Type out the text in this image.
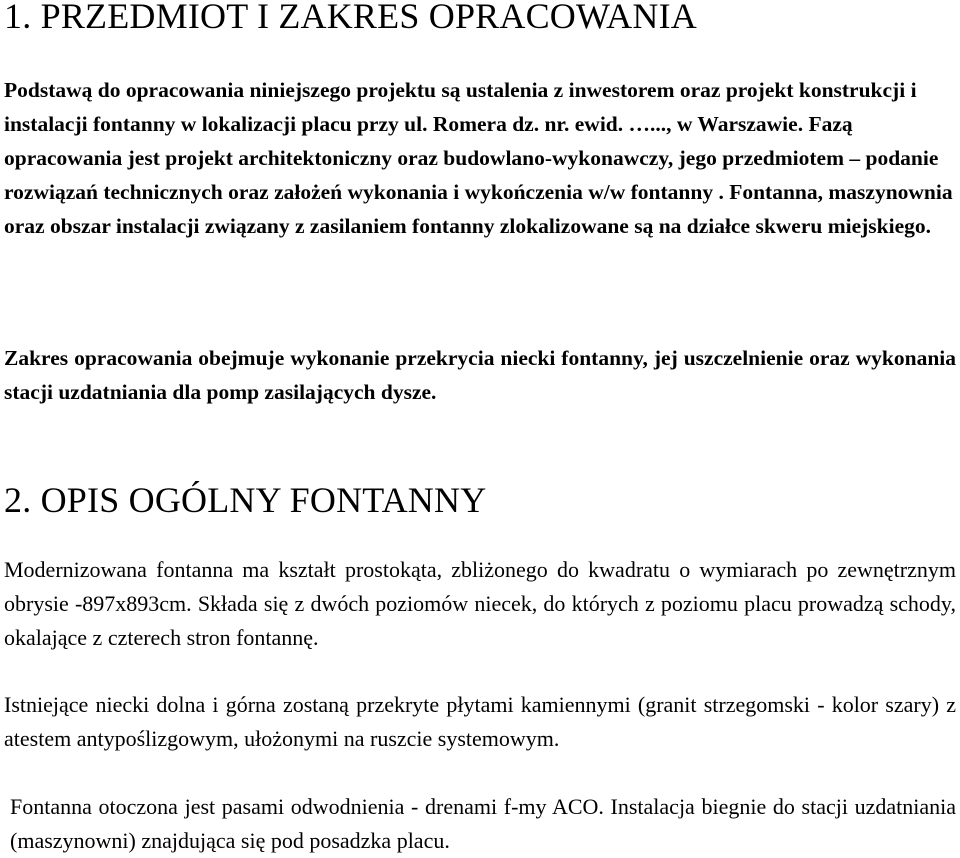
1. PRZEDMIOT I ZAKRES OPRACOWANIA

Podstawą do opracowania niniejszego projektu są ustalenia z inwestorem oraz projekt konstrukcji i instalacji fontanny w lokalizacji placu przy ul. Romera dz. nr. ewid. …..., w Warszawie. Fazą opracowania jest projekt architektoniczny oraz budowlano-wykonawczy, jego przedmiotem – podanie rozwiązań technicznych oraz założeń wykonania i wykończenia w/w fontanny . Fontanna, maszynownia oraz obszar instalacji związany z zasilaniem fontanny zlokalizowane są na działce skweru miejskiego.

Zakres opracowania obejmuje wykonanie przekrycia niecki fontanny, jej uszczelnienie oraz wykonania stacji uzdatniania dla pomp zasilających dysze.

2. OPIS OGÓLNY FONTANNY

Modernizowana fontanna ma kształt prostokąta, zbliżonego do kwadratu o wymiarach po zewnętrznym obrysie -897x893cm. Składa się z dwóch poziomów niecek, do których z poziomu placu prowadzą schody, okalające z czterech stron fontannę.

Istniejące niecki dolna i górna zostaną przekryte płytami kamiennymi (granit strzegomski - kolor szary) z atestem antypoślizgowym, ułożonymi na ruszcie systemowym.

Fontanna otoczona jest pasami odwodnienia - drenami f-my ACO. Instalacja biegnie do stacji uzdatniania (maszynowni) znajdująca się pod posadzka placu.
